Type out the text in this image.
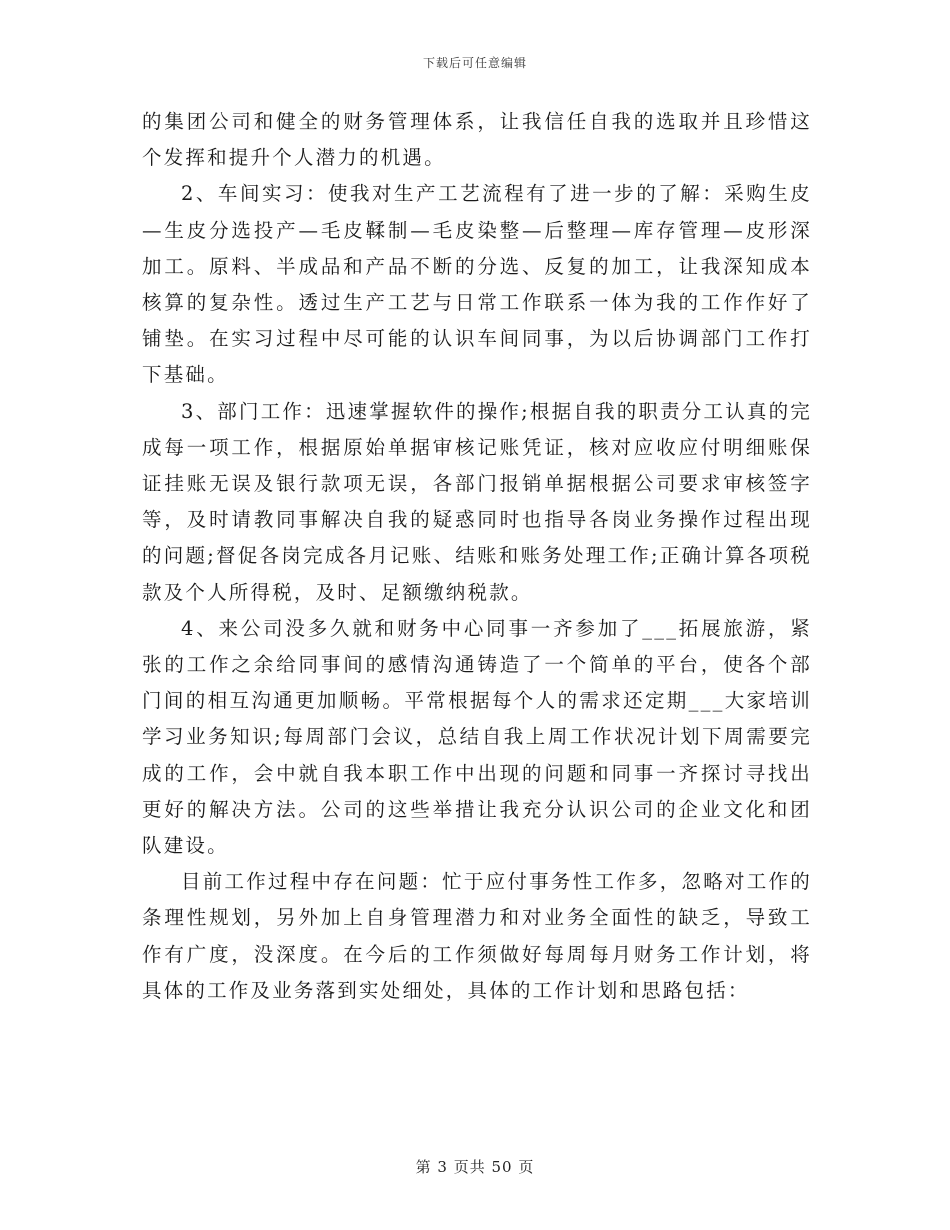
下载后可任意编辑

的集团公司和健全的财务管理体系，让我信任自我的选取并且珍惜这个发挥和提升个人潜力的机遇。

2、车间实习：使我对生产工艺流程有了进一步的了解：采购生皮—生皮分选投产—毛皮鞣制—毛皮染整—后整理—库存管理—皮形深加工。原料、半成品和产品不断的分选、反复的加工，让我深知成本核算的复杂性。透过生产工艺与日常工作联系一体为我的工作作好了铺垫。在实习过程中尽可能的认识车间同事，为以后协调部门工作打下基础。

3、部门工作：迅速掌握软件的操作;根据自我的职责分工认真的完成每一项工作，根据原始单据审核记账凭证，核对应收应付明细账保证挂账无误及银行款项无误，各部门报销单据根据公司要求审核签字等，及时请教同事解决自我的疑惑同时也指导各岗业务操作过程出现的问题;督促各岗完成各月记账、结账和账务处理工作;正确计算各项税款及个人所得税，及时、足额缴纳税款。

4、来公司没多久就和财务中心同事一齐参加了___拓展旅游，紧张的工作之余给同事间的感情沟通铸造了一个简单的平台，使各个部门间的相互沟通更加顺畅。平常根据每个人的需求还定期___大家培训学习业务知识;每周部门会议，总结自我上周工作状况计划下周需要完成的工作，会中就自我本职工作中出现的问题和同事一齐探讨寻找出更好的解决方法。公司的这些举措让我充分认识公司的企业文化和团队建设。

目前工作过程中存在问题：忙于应付事务性工作多，忽略对工作的条理性规划，另外加上自身管理潜力和对业务全面性的缺乏，导致工作有广度，没深度。在今后的工作须做好每周每月财务工作计划，将具体的工作及业务落到实处细处，具体的工作计划和思路包括：

第 3 页共 50 页
